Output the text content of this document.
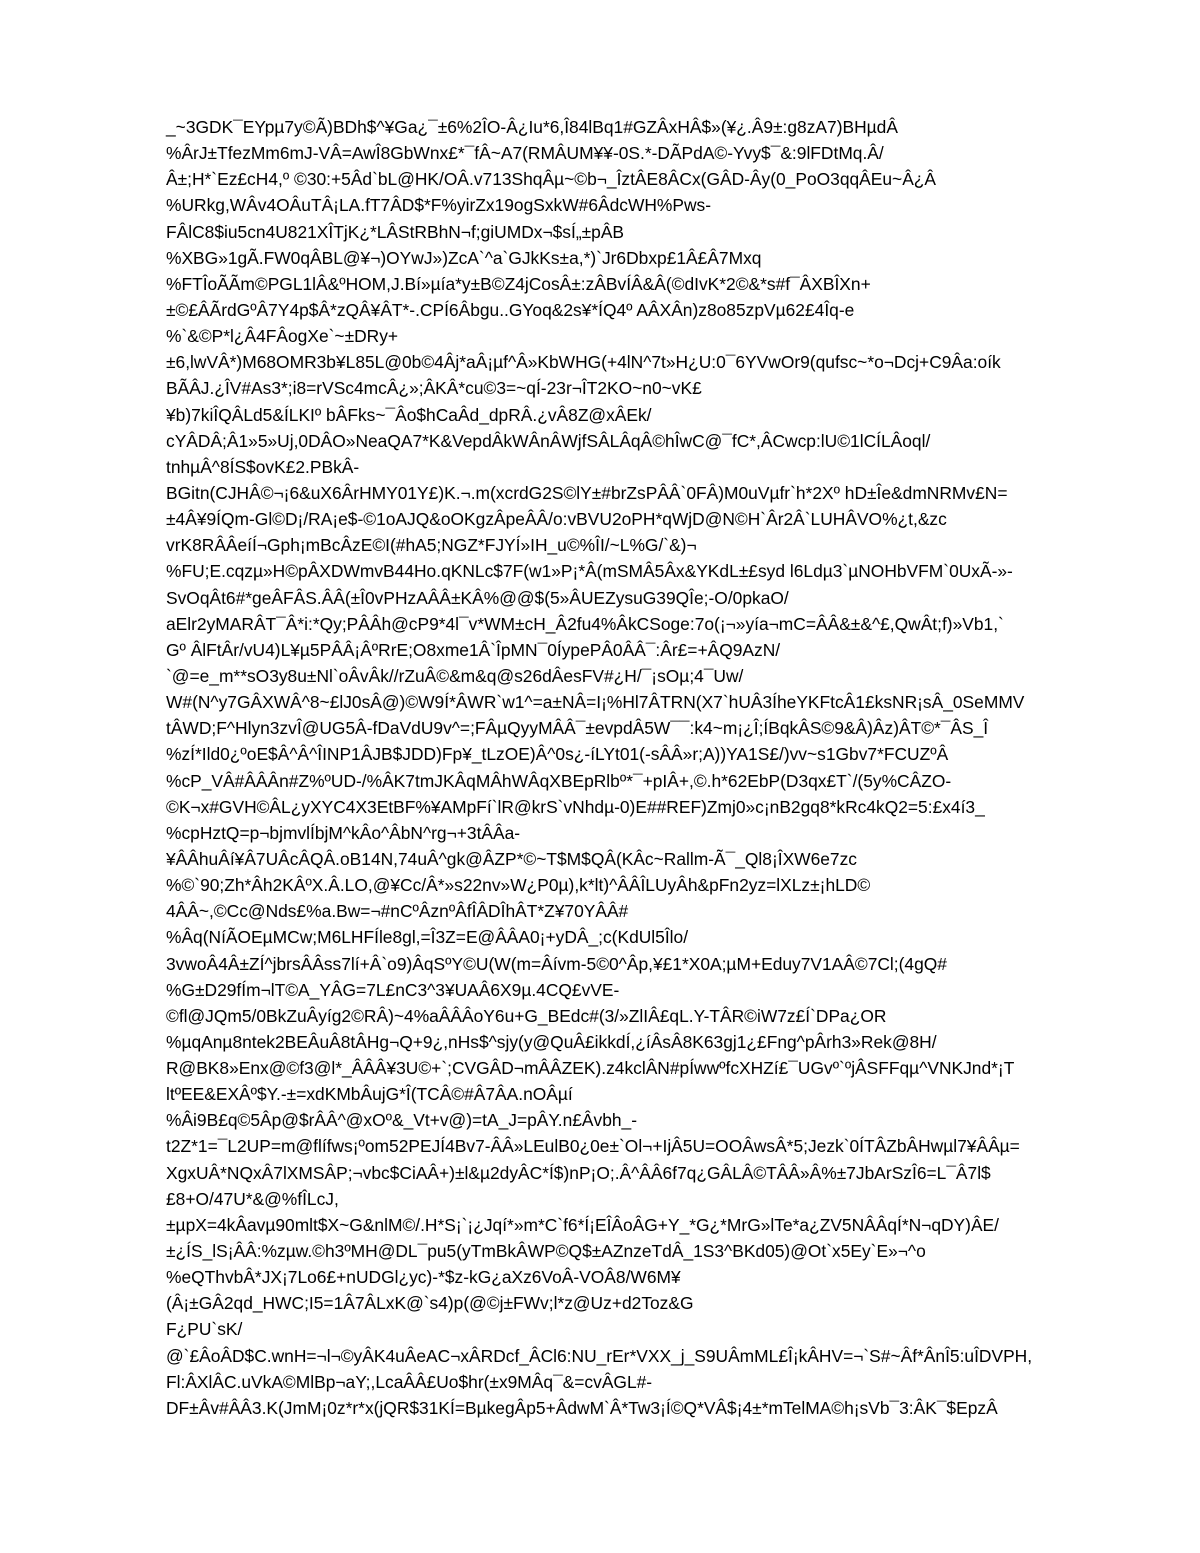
_~3GDK¯EYpµ7y©Ã)BDh$^¥Ga¿¯±6%2ÎO-Â¿Iu*6,Î84lBq1#GZÂxHÂ$»(¥¿.Â9±:g8zA7)BHµdÂ
%ÂrJ±TfezMm6mJ-VÂ=AwÎ8GbWnx£*¯fÂ~A7(RMÂUM¥¥-0S.*-DÃPdA©-Yvy$¯&:9lFDtMq.Â/
Â±;H*`Ez£cH4,º ©30:+5Âd`bL@HK/OÂ.v713ShqÂµ~©b¬_ÎztÂE8ÂCx(GÂD-Ây(0_PoO3qqÂEu~Â¿Â
%URkg,WÂv4OÂuTÂ¡LA.fT7ÂD$*F%yirZx19ogSxkW#6ÂdcWH%Pws-
FÂlC8$iu5cn4U821XÎTjK¿*LÂStRBhN¬f;giUMDx¬$sÍ„±pÂB
%XBG»1gÃ.FW0qÂBL@¥¬)OYwJ»)ZcA`^a`GJkKs±a,*)`Jr6Dbxp£1Â£Â7Mxq
%FTÎoÃÃm©PGL1lÂ&ºHOM,J.Bí»µía*y±B©Z4jCosÂ±:zÂBvÍÂ&Â(©dIvK*2©&*s#f¯ÂXBÎXn+
±©£ÂÃrdGºÂ7Y4p$Â*zQÂ¥ÂT*-.CPÍ6Âbgu..GYoq&2s¥*ÍQ4º AÂXÂn)z8o85zpVµ62£4Îq-e
%`&©P*l¿Â4FÂogXe`~±DRy+
±6,lwVÂ*)M68OMR3b¥L85L@0b©4Âj*aÂ¡µf^Â»KbWHG(+4lN^7t»H¿U:0¯6YVwOr9(qufsc~*o¬Dcj+C9Âa:oík
BÃÂJ.¿ÎV#As3*;i8=rVSc4mcÂ¿»;ÂKÂ*cu©3=~qÍ-23r¬ÎT2KO~n0~vK£
¥b)7kiÎQÂLd5&ÍLKIº bÂFks~¯Âo$hCaÂd_dpRÂ.¿vÂ8Z@xÂEk/
cYÂDÂ;Â1»5»Uj,0DÂO»NeaQA7*K&VepdÂkWÂnÂWjfSÂLÂqÂ©hÎwC@¯fC*,ÂCwcp:lU©1lCÍLÂoql/
tnhµÂ^8ÍS$ovK£2.PBkÂ-
BGitn(CJHÂ©¬¡6&uX6ÂrHMY01Y£)K.¬.m(xcrdG2S©lY±#brZsPÂÂ`0FÂ)M0uVµfr`h*2Xº hD±Îe&dmNRMv£N=
±4Â¥9ÍQm-Gl©D¡/RA¡e$-©1oAJQ&oOKgzÂpeÂÂ/o:vBVU2oPH*qWjD@N©H`Âr2Â`LUHÂVO%¿t,&zc
vrK8RÂÂeíÍ¬Gph¡mBcÂzE©I(#hA5;NGZ*FJYÍ»IH_u©%ÎI/~L%G/`&)¬
%FU;E.cqzµ»H©pÂXDWmvB44Ho.qKNLc$7F(w1»P¡*Â(mSMÂ5Âx&YKdL±£syd l6Ldµ3`µNOHbVFM`0UxÃ-»-
SvOqÂt6#*geÂFÂS.ÂÂ(±Î0vPHzAÂÂ±KÂ%@@$(5»ÂUEZysuG39QÎe;-O/0pkaO/
aElr2yMARÂT¯Â*i:*Qy;PÂÂh@cP9*4l¯v*WM±cH_Â2fu4%ÂkCSoge:7o(¡¬»yía¬mC=ÂÂ&±&^£,QwÂt;f)»Vb1,`
Gº ÂlFtÂr/vU4)L¥µ5PÂÂ¡ÂºRrE;O8xme1Â`ÎpMN¯0ÍypePÂ0ÂÂ¯:Âr£=+ÂQ9AzN/
`@=e_m**sO3y8u±Nl`oÂvÂk//rZuÂ©&m&q@s26dÂesFV#¿H/¯¡sOµ;4¯Uw/
W#(N^y7GÂXWÂ^8~£lJ0sÂ@)©W9Í*ÂWR`w1^=a±NÂ=I¡%Hl7ÂTRN(X7`hUÂ3ÍheYKFtcÂ1£ksNR¡sÂ_0SeMMV
tÂWD;F^Hlyn3zvÎ@UG5Â-fDaVdU9v^=;FÂµQyyMÂÂ¯±evpdÂ5W¯¯:k4~m¡¿Î;ÍBqkÂS©9&Â)Âz)ÂT©*¯ÂS_Î
%zÍ*Ild0¿ºoE$Â^Â^ÎINP1ÂJB$JDD)Fp¥_tLzOE)Â^0s¿-íLYt01(-sÂÂ»r;A))YA1S£/)vv~s1Gbv7*FCUZºÂ
%cP_VÂ#ÂÂÂn#Z%ºUD-/%ÂK7tmJKÂqMÂhWÂqXBEpRlbº*¯+pIÂ+,©.h*62EbP(D3qx£T`/(5y%CÂZO-
©K¬x#GVH©ÂL¿yXYC4X3EtBF%¥AMpFí`lR@krS`vNhdµ-0)E##REF)Zmj0»c¡nB2gq8*kRc4kQ2=5:£x4í3_
%cpHztQ=p¬bjmvlÍbjM^kÂo^ÂbN^rg¬+3tÂÂa-
¥ÂÂhuÂí¥Â7UÂcÂQÂ.oB14N,74uÂ^gk@ÂZP*©~T$M$QÂ(KÂc~Rallm-Ã¯_Ql8¡ÎXW6e7zc
%©`90;Zh*Âh2KÂºX.Â.LO,@¥Cc/Â*»s22nv»W¿P0µ),k*lt)^ÂÂÎLUyÂh&pFn2yz=lXLz±¡hLD©
4ÂÂ~,©Cc@Nds£%a.Bw=¬#nCºÂznºÂfÎÂDÎhÂT*Z¥70YÂÂ#
%Âq(NíÃOEµMCw;M6LHFÍle8gl,=Î3Z=E@ÂÂA0¡+yDÂ_;c(KdUl5Îlo/
3vwoÂ4Â±ZÍ^jbrsÂÂss7lí+Â`o9)ÂqSºY©U(W(m=Âívm-5©0^Âp,¥£1*X0A;µM+Eduy7V1AÂ©7Cl;(4gQ#
%G±D29fÍm¬lT©A_YÂG=7L£nC3^3¥UAÂ6X9µ.4CQ£vVE-
©fl@JQm5/0BkZuÂyíg2©RÂ)~4%aÂÂÂoY6u+G_BEdc#(3/»ZlIÂ£qL.Y-TÂR©iW7z£Í`DPa¿OR
%µqAnµ8ntek2BEÂuÂ8tÂHg¬Q+9¿,nHs$^sjy(y@QuÂ£ikkdÍ,¿íÂsÂ8K63gj1¿£Fng^pÂrh3»Rek@8H/
R@BK8»Enx@©f3@l*_ÂÂÂ¥3U©+`;CVGÂD¬mÂÂZEK).z4kclÂN#pÍwwºfcXHZí£¯UGvº`ºjÂSFFqµ^VNKJnd*¡T
ltºEE&EXÂº$Y.-±=xdKMbÂujG*Î(TCÂ©#Â7ÂA.nOÂµí
%Âi9B£q©5Âp@$rÂÂ^@xOº&_Vt+v@)=tA_J=pÂY.n£Âvbh_-
t2Z*1=¯L2UP=m@flífws¡ºom52PEJÍ4Bv7-ÂÂ»LEulB0¿0e±`Ol¬+IjÂ5U=OOÂwsÂ*5;Jezk`0ÍTÂZbÂHwµl7¥ÂÂµ=
XgxUÂ*NQxÂ7lXMSÂP;¬vbc$CiAÂ+)±l&µ2dyÂC*Í$)nP¡O;.Â^ÂÂ6f7q¿GÂLÂ©TÂÂ»Â%±7JbArSzÎ6=L¯Â7l$
£8+O/47U*&@%fÎLcJ,
±µpX=4kÂavµ90mlt$X~G&nlM©/.H*S¡`¡¿Jqí*»m*C`f6*Í¡EÎÂoÂG+Y_*G¿*MrG»lTe*a¿ZV5NÂÂqÍ*N¬qDY)ÂE/
±¿ÍS_lS¡ÂÂ:%zµw.©h3ºMH@DL¯pu5(yTmBkÂWP©Q$±AZnzeTdÂ_1S3^BKd05)@Ot`x5Ey`E»¬^o
%eQThvbÂ*JX¡7Lo6£+nUDGl¿yc)-*$z-kG¿aXz6VoÂ-VOÂ8/W6M¥
(Â¡±GÂ2qd_HWC;I5=1Â7ÂLxK@`s4)p(@©j±FWv;l*z@Uz+d2Toz&G
F¿PU`sK/
@`£ÂoÂD$C.wnH=¬l¬©yÂK4uÂeAC¬xÂRDcf_ÂCl6:NU_rEr*VXX_j_S9UÂmML£Î¡kÂHV=¬`S#~Âf*ÂnÎ5:uÎDVPH,
Fl:ÂXlÂC.uVkA©MlBp¬aY;,LcaÂÂ£Uo$hr(±x9MÂq¯&=cvÂGL#-
DF±Âv#ÂÂ3.K(JmM¡0z*r*x(jQR$31KÍ=BµkegÂp5+ÂdwM`Â*Tw3¡Í©Q*VÂ$¡4±*mTelMA©h¡sVb¯3:ÂK¯$EpzÂ
